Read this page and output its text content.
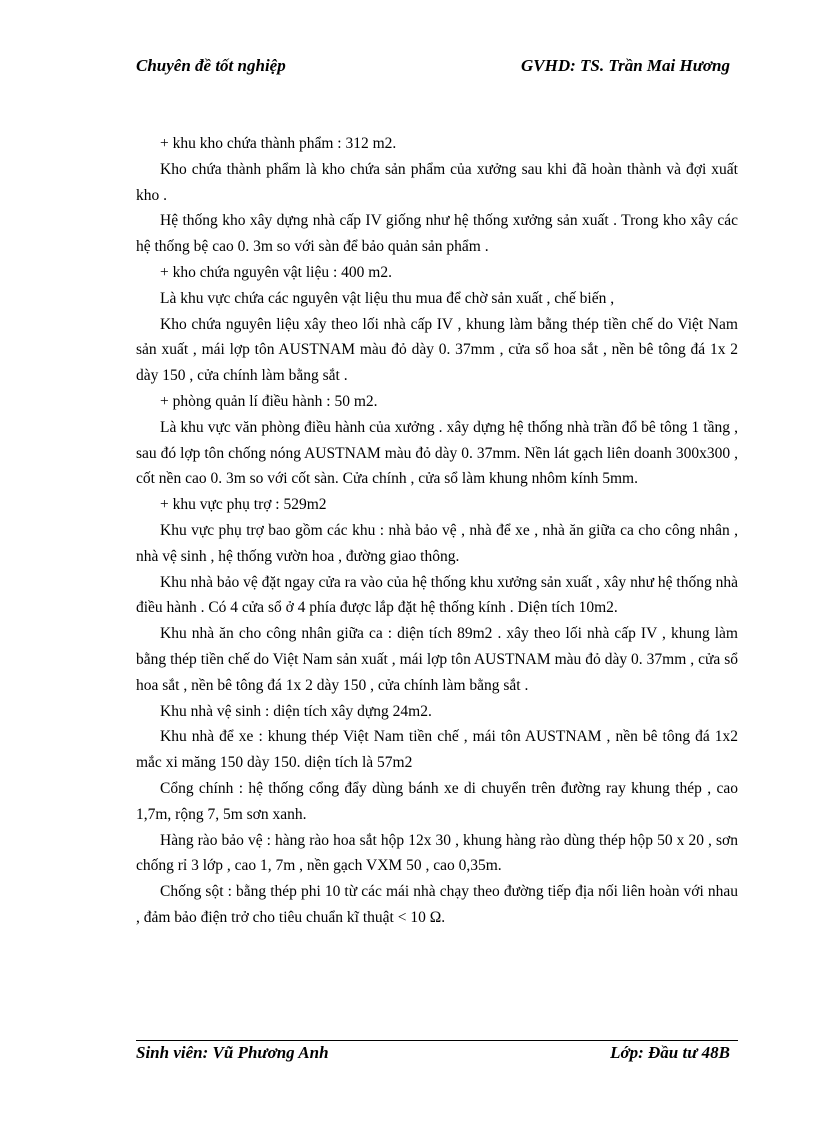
Chuyên đề tốt nghiệp	GVHD: TS. Trần Mai Hương

+ khu kho chứa thành phẩm : 312 m2.

Kho chứa thành phẩm là kho chứa sản phẩm của xưởng sau khi đã hoàn thành và đợi xuất kho .

Hệ thống kho xây dựng nhà cấp IV giống như hệ thống xưởng sản xuất . Trong kho xây các hệ thống bệ cao 0. 3m so với sàn để bảo quản sản phẩm .

+ kho chứa nguyên vật liệu : 400 m2.

Là khu vực chứa các nguyên vật liệu thu mua để chờ sản xuất , chế biến ,

Kho chứa nguyên liệu xây theo lối nhà cấp IV , khung làm bằng thép tiền chế do Việt Nam sản xuất , mái lợp tôn AUSTNAM màu đỏ dày 0. 37mm , cửa sổ hoa sắt , nền bê tông đá 1x 2 dày 150 , cửa chính làm bằng sắt .

+ phòng quản lí điều hành : 50 m2.

Là khu vực văn phòng điều hành của xưởng . xây dựng hệ thống nhà trần đổ bê tông 1 tầng , sau đó lợp tôn chống nóng AUSTNAM màu đỏ dày 0. 37mm. Nền lát gạch liên doanh 300x300 , cốt nền cao 0. 3m so với cốt sàn. Cửa chính , cửa sổ làm khung nhôm kính 5mm.

+ khu vực phụ trợ : 529m2

Khu vực phụ trợ bao gồm các khu : nhà bảo vệ , nhà để xe , nhà ăn giữa ca cho công nhân , nhà vệ sinh , hệ thống vườn hoa , đường giao thông.

Khu nhà bảo vệ đặt ngay cửa ra vào của hệ thống khu xưởng sản xuất , xây như hệ thống nhà điều hành . Có 4 cửa sổ ở 4 phía được lắp đặt hệ thống kính . Diện tích 10m2.

Khu nhà ăn cho công nhân giữa ca : diện tích 89m2 . xây theo lối nhà cấp IV , khung làm bằng thép tiền chế do Việt Nam sản xuất , mái lợp tôn AUSTNAM màu đỏ dày 0. 37mm , cửa sổ hoa sắt , nền bê tông đá 1x 2 dày 150 , cửa chính làm bằng sắt .

Khu nhà vệ sinh : diện tích xây dựng 24m2.

Khu nhà để xe : khung thép Việt Nam tiền chế , mái tôn AUSTNAM , nền bê tông đá 1x2 mắc xi măng 150 dày 150. diện tích là 57m2

Cổng chính : hệ thống cổng đẩy dùng bánh xe di chuyển trên đường ray khung thép , cao 1,7m, rộng 7, 5m sơn xanh.

Hàng rào bảo vệ : hàng rào hoa sắt hộp 12x 30 , khung hàng rào dùng thép hộp 50 x 20 , sơn chống rỉ 3 lớp , cao 1, 7m , nền gạch VXM 50 , cao 0,35m.

Chống sột : bằng thép phi 10 từ các mái nhà chạy theo đường tiếp địa nối liên hoàn với nhau , đảm bảo điện trở cho tiêu chuẩn kĩ thuật < 10 Ω.

Sinh viên: Vũ Phương Anh	Lớp: Đầu tư 48B
